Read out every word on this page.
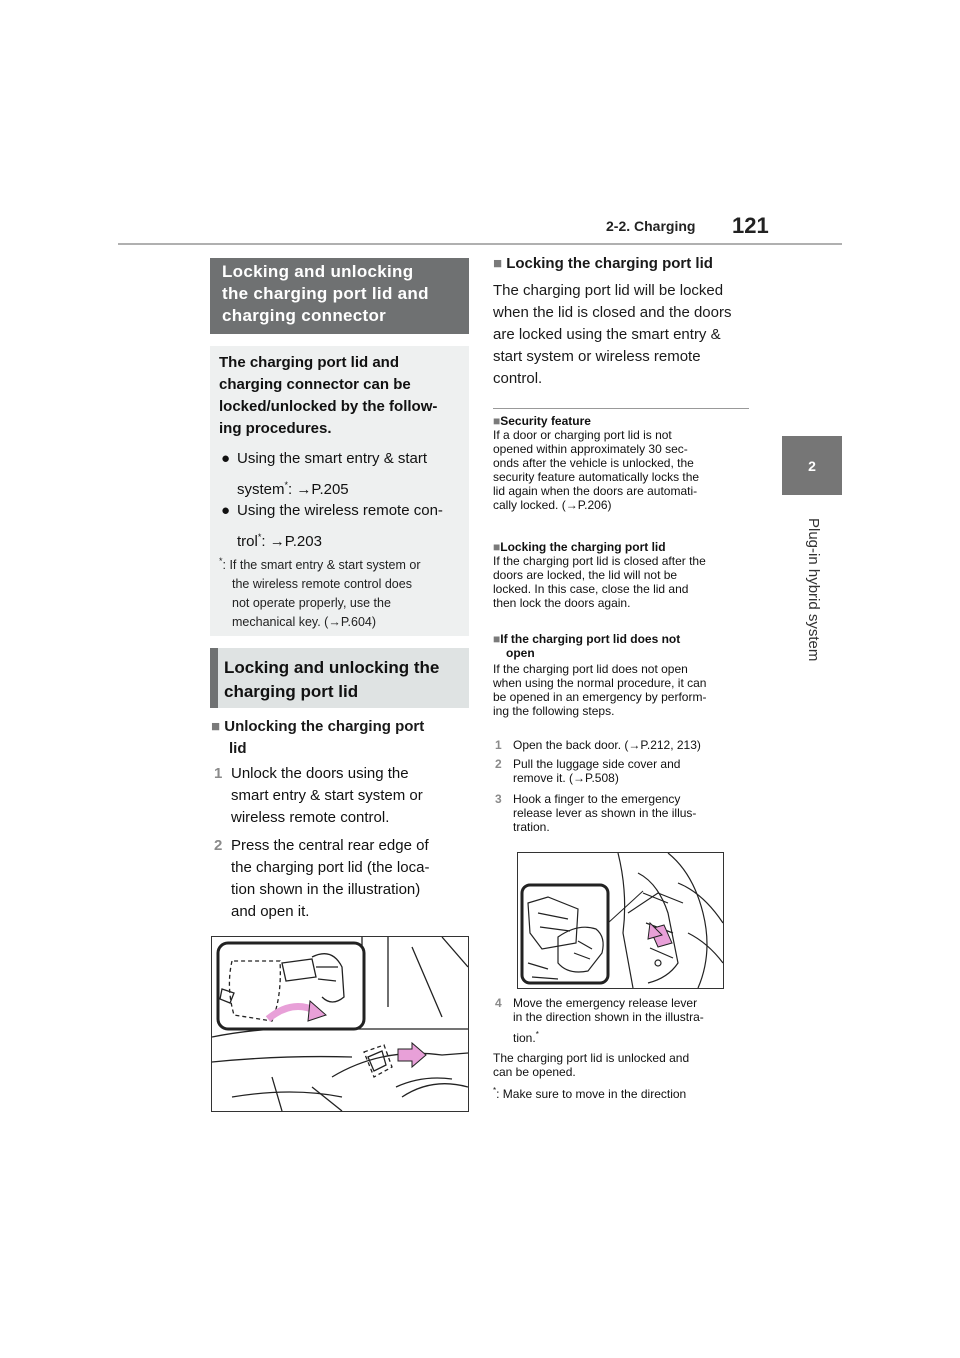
2-2. Charging 121
2
Plug-in hybrid system
Locking and unlocking
the charging port lid and
charging connector
The charging port lid and
charging connector can be
locked/unlocked by the follow-
ing procedures.
● Using the smart entry & start
system*: →P.205
● Using the wireless remote con-
trol*: →P.203
*: If the smart entry & start system or
the wireless remote control does
not operate properly, use the
mechanical key. (→P.604)
Locking and unlocking the
charging port lid
■ Unlocking the charging port
lid
1 Unlock the doors using the
smart entry & start system or
wireless remote control.
2 Press the central rear edge of
the charging port lid (the loca-
tion shown in the illustration)
and open it.
■ Locking the charging port lid
The charging port lid will be locked
when the lid is closed and the doors
are locked using the smart entry &
start system or wireless remote
control.
■Security feature
If a door or charging port lid is not
opened within approximately 30 sec-
onds after the vehicle is unlocked, the
security feature automatically locks the
lid again when the doors are automati-
cally locked. (→P.206)
■Locking the charging port lid
If the charging port lid is closed after the
doors are locked, the lid will not be
locked. In this case, close the lid and
then lock the doors again.
■If the charging port lid does not
open
If the charging port lid does not open
when using the normal procedure, it can
be opened in an emergency by perform-
ing the following steps.
1 Open the back door. (→P.212, 213)
2 Pull the luggage side cover and
remove it. (→P.508)
3 Hook a finger to the emergency
release lever as shown in the illus-
tration.
4 Move the emergency release lever
in the direction shown in the illustra-
tion.*
The charging port lid is unlocked and
can be opened.
*: Make sure to move in the direction
